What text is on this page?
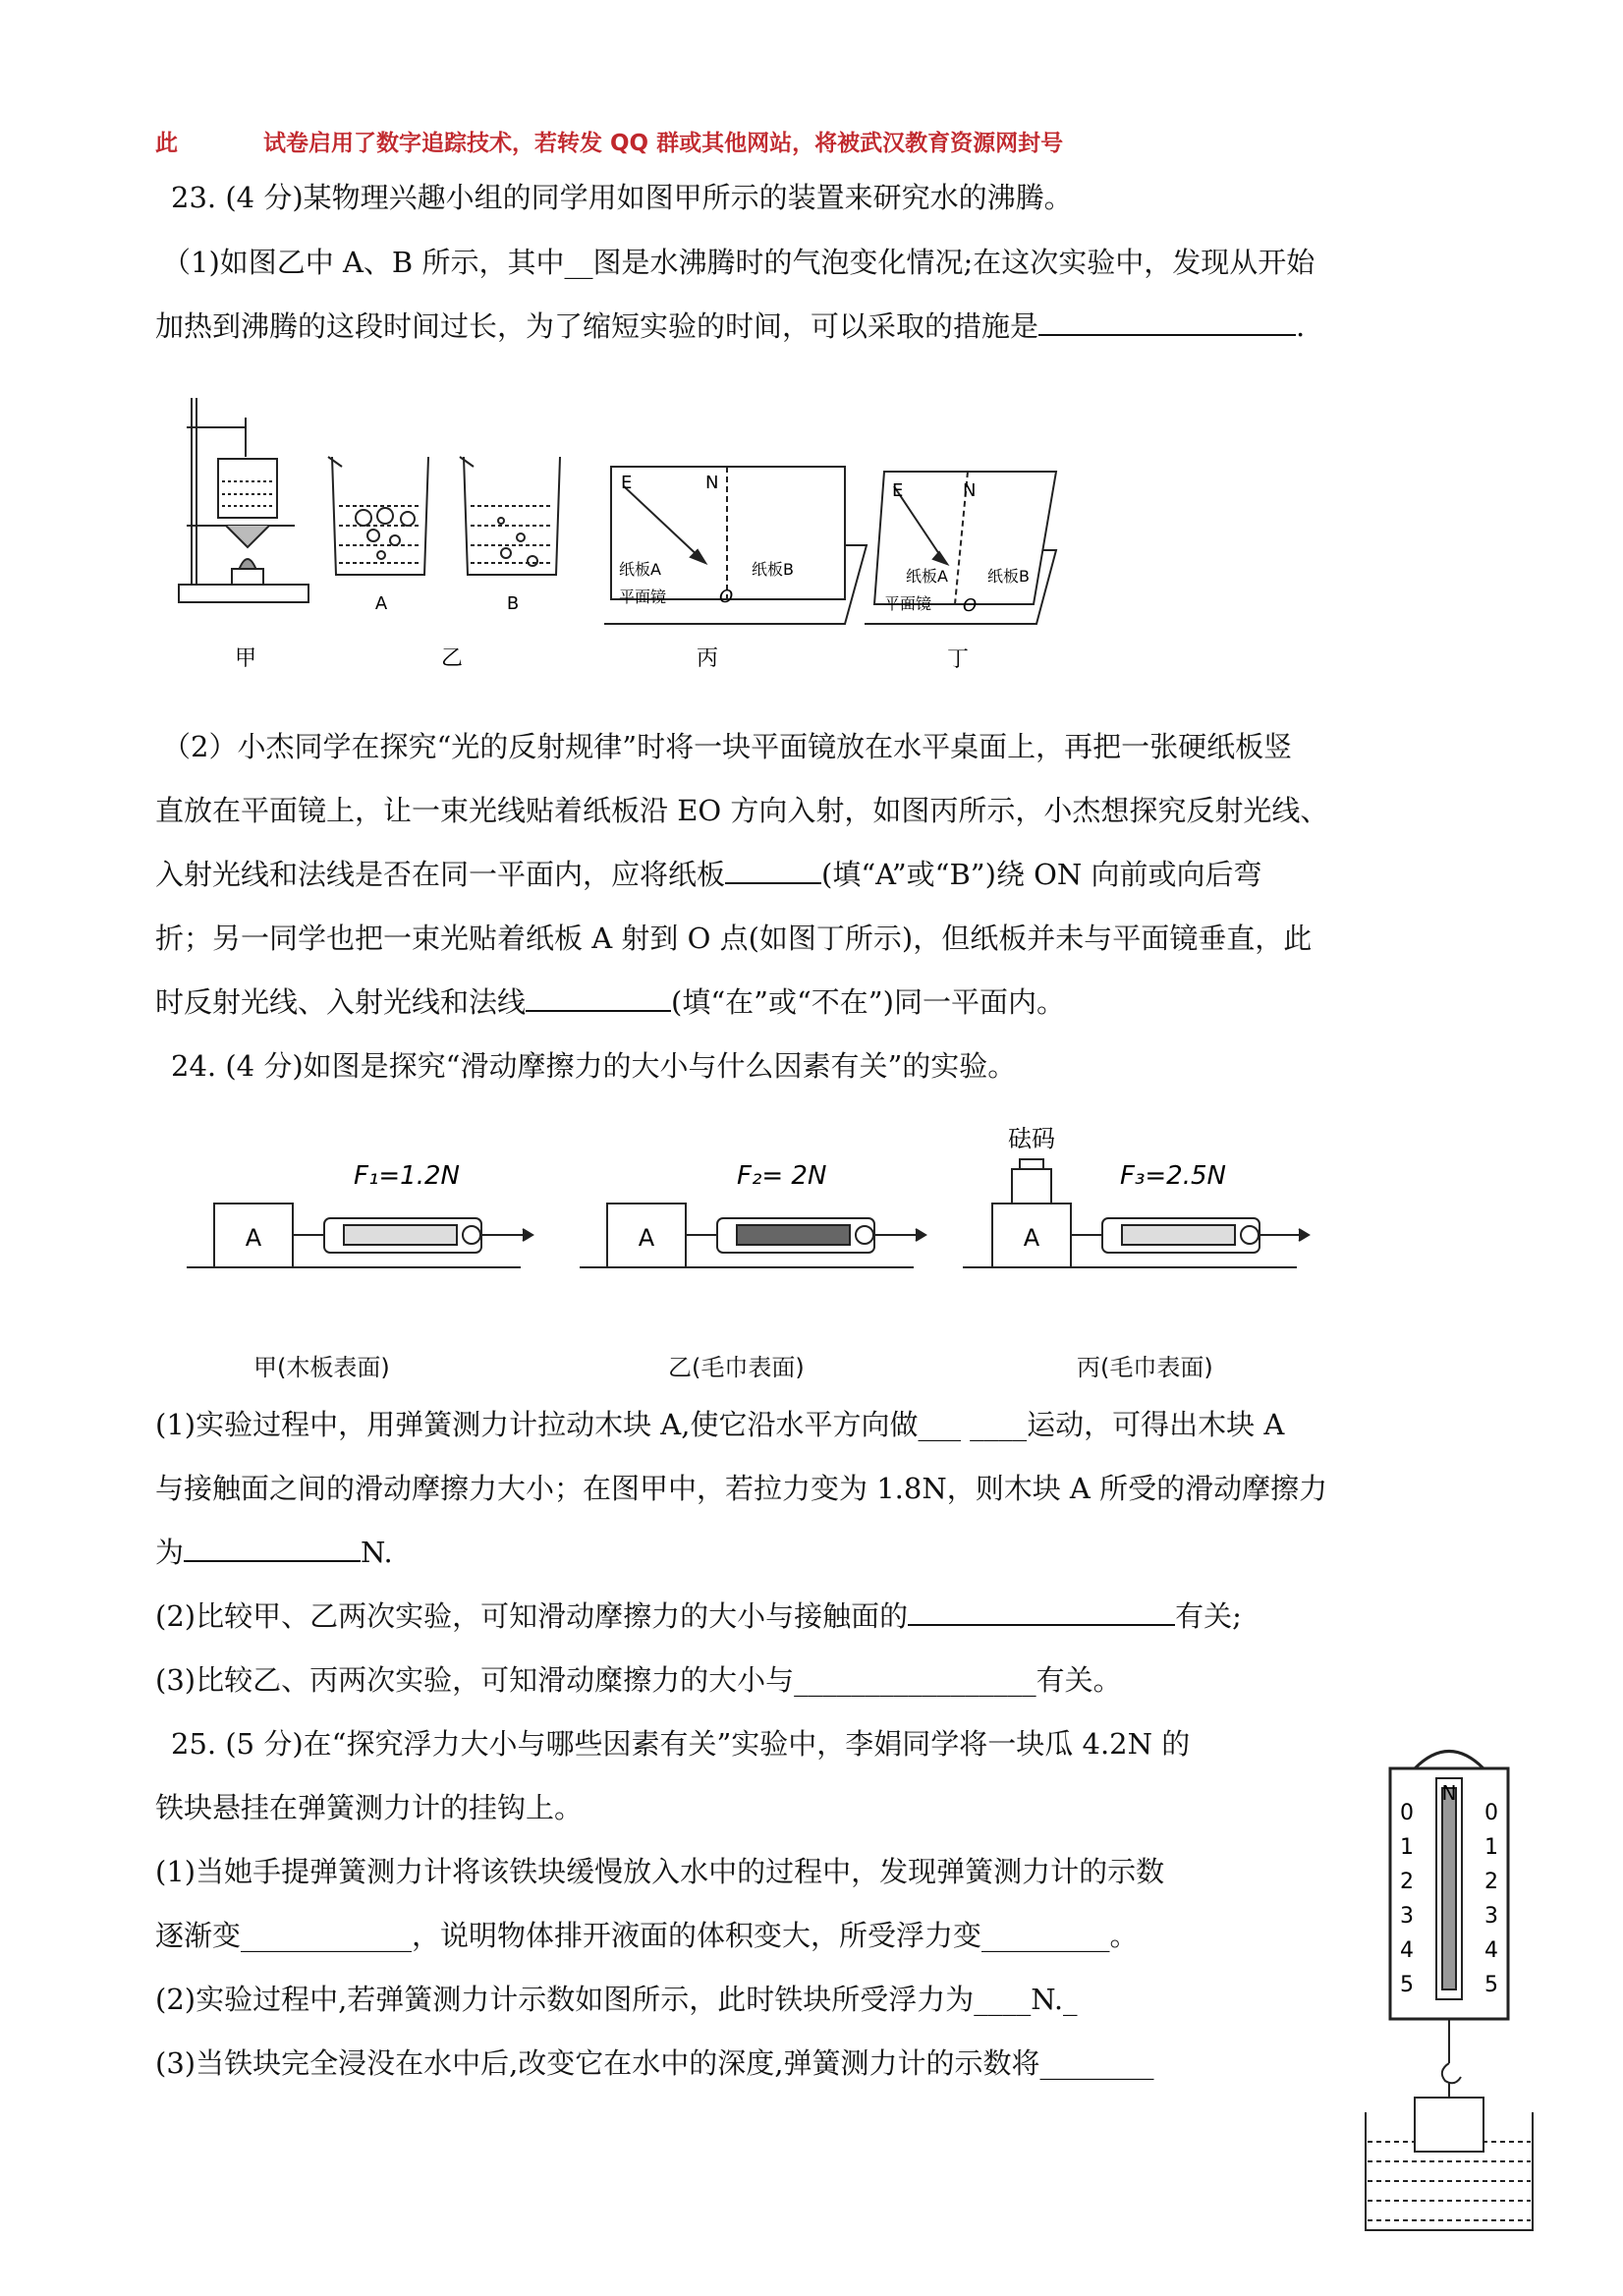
此	试卷启用了数字追踪技术，若转发 QQ 群或其他网站，将被武汉教育资源网封号
23. (4 分)某物理兴趣小组的同学用如图甲所示的装置来研究水的沸腾。
（1)如图乙中 A、B 所示，其中__图是水沸腾时的气泡变化情况;在这次实验中，发现从开始
加热到沸腾的这段时间过长，为了缩短实验的时间，可以采取的措施是	.
甲
A	B
乙
E	N
纸板A	纸板B
平面镜	O
丙
E	N
纸板A	纸板B
平面镜 O
丁
（2）小杰同学在探究“光的反射规律”时将一块平面镜放在水平桌面上，再把一张硬纸板竖
直放在平面镜上，让一束光线贴着纸板沿 EO 方向入射，如图丙所示，小杰想探究反射光线、
入射光线和法线是否在同一平面内，应将纸板	(填“A”或“B”)绕 ON 向前或向后弯
折；另一同学也把一束光贴着纸板 A 射到 O 点(如图丁所示)，但纸板并未与平面镜垂直，此
时反射光线、入射光线和法线	(填“在”或“不在”)同一平面内。
24. (4 分)如图是探究“滑动摩擦力的大小与什么因素有关”的实验。
A	A	A
F₁=1.2N	F₂= 2N	F₃=2.5N
砝码
甲(木板表面)	乙(毛巾表面)	丙(毛巾表面)
(1)实验过程中，用弹簧测力计拉动木块 A,使它沿水平方向做___ ____运动，可得出木块 A
与接触面之间的滑动摩擦力大小；在图甲中，若拉力变为 1.8N，则木块 A 所受的滑动摩擦力
为	N.
(2)比较甲、乙两次实验，可知滑动摩擦力的大小与接触面的	有关;
(3)比较乙、丙两次实验，可知滑动糜擦力的大小与_________________有关。
25. (5 分)在“探究浮力大小与哪些因素有关”实验中，李娟同学将一块瓜 4.2N 的
铁块悬挂在弹簧测力计的挂钩上。
(1)当她手提弹簧测力计将该铁块缓慢放入水中的过程中，发现弹簧测力计的示数
逐渐变____________，说明物体排开液面的体积变大，所受浮力变_________。
(2)实验过程中,若弹簧测力计示数如图所示，此时铁块所受浮力为____N._
(3)当铁块完全浸没在水中后,改变它在水中的深度,弹簧测力计的示数将________
N
0
1
2
3
4
5
0
1
2
3
4
5
